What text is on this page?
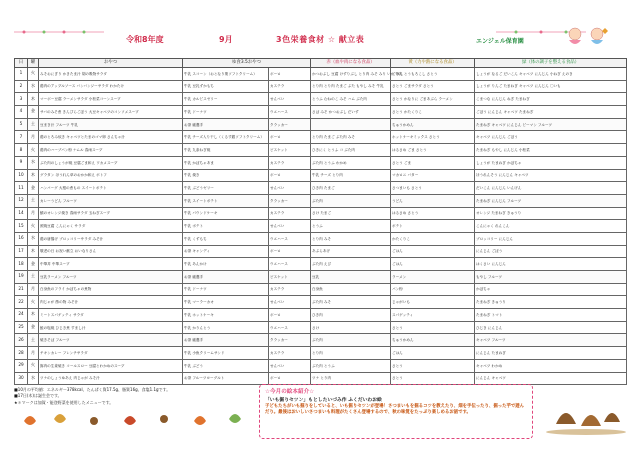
令和8年度	9月	3色栄養食材 ☆ 献立表	エンジェル保育園
日	曜	おやつ	ゆ食3.5おやつ		赤（血や肉になる食品）	黄（力や熱になる食品）	緑（体の調子を整える食品）
1	火	みそおにぎり かきたま汁 胡の吸物サラダ	牛乳 スコーン（おとなり菓ソフトクリーム）	ボーロ	かつおぶし 豆腐 けずりぶし とり肉 みそ みり いか 牛乳	ごはん とうもろこし さとう	しょうが なるご だいこん キャベツ にんじん 小ねぎ えのき
2	水	鶏肉のアップルソース バンバンジーサラダ わかたけ	牛乳 豆乳ずかもち	カステラ	とり肉 とり肉 たまご ぶた もやし みそ 牛乳	さとう ごまサラダ さとう	しょうが りんご たまねぎ キャベツ にんじん 〇いも
3	木	マーボー豆腐 ラーメンサラダ 小松菜コーンスープ	牛乳 カルピスゼリー	せんべい	とうふ むねのこ みそ ハム ぶた肉	さとう かなりに ごまあぶら ラーメン	こまつな にんじん ねぎ たまねぎ
4	金	サバのみそ煮 きんぴらごぼう 大豆キャベツのコンソメスープ	牛乳 ドーナツ	ウエハース	さば みそ かつおぶし だいず	さとう かたくりこ	ごぼう にんじん キャベツ たまねぎ
5	土	豆まき汁 フルーツ 牛乳	お茶 厳選手	クラッカー		ちゅうかめん	たまねぎ キャベツ にんじん ピーマン フルーツ
7	月	鶏のとろみ炊き キャベツとたまのゴマ卵 さんちゃ汁	牛乳 チーズ入り干し（くるす銀ソフトクリーム）	ボーロ	とり肉 たまご ぶた肉 みそ	ホットケーキミックス さとう	キャベツ にんじん ごぼう
8	火	鶏肉のハーブパン粉 ナムル 春雨スープ	牛乳 九条ねぎ焼	ビスケット	ひきにく とうふ コ ぶた肉	はるさめ ごま さとう	たまねぎ もやし にんじん 小松菜
9	水	ぶた肉のしょうが焼 豆腐ごま和え ワカメスープ	牛乳 かぼちゃあま	カステラ	ぶた肉 とうふ わかめ	さとう ごま	しょうが たまねぎ かぼちゃ
10	木	グラタン ほうれん草のおかか和え ポトフ	牛乳 焼き	ボーロ	牛乳 チーズ とり肉	マカロニ バター	ほうれんそう にんじん キャベツ
11	金	ハンバーグ 大根の煮もの スイートポテト	牛乳 ぶどうゼリー	せんべい	ひき肉 たまご	さつまいも さとう	だいこん にんじん いんげん
12	土	カレーうどん フルーツ	牛乳 スイートポテト	クラッカー	ぶた肉	うどん	たまねぎ にんじん フルーツ
14	月	鯖のオレンジ焼き 春雨サラダ 玉ねぎスープ	牛乳 パウンドケーキ	カステラ	さけ たまご	はるさめ さとう	オレンジ たまねぎ きゅうり
15	火	照焼豆腐 こんにゃく サラダ	牛乳 ポテト	せんべい	とうふ	ポテト	こんにゃく れんこん
16	水	鶏の唐揚げ ブロッコリーサラダ みそ汁	牛乳 くずもち	ウエハース	とり肉 みそ	かたくりこ	ブロッコリー にんじん
17	木	敬老の日 お祝い献立 おいなりさん	お茶 キャンディ	ボーロ	あぶらあげ	ごはん	にんじん ごぼう
18	金	中華丼 中華スープ	牛乳 あんかけ	ウエハース	ぶた肉 えび	ごはん	はくさい にんじん
19	土	豆乳ラーメン フルーツ	お茶 厳選手	ビスケット	豆乳	ラーメン	もやし フルーツ
21	月	白身魚のフライ かぼちゃの煮物	牛乳 ドーナツ	カステラ	白身魚	パン粉	かぼちゃ
22	火	肉じゃが 酢の物 みそ汁	牛乳 マーラーカオ	せんべい	ぶた肉 みそ	じゃがいも	たまねぎ きゅうり
24	木	ミートスパゲッティ サラダ	牛乳 ホットケーキ	ボーロ	ひき肉	スパゲッティ	たまねぎ トマト
25	金	鮭の塩焼 ひじき煮 すまし汁	牛乳 かりんとう	ウエハース	さけ	さとう	ひじき にんじん
26	土	焼きそば フルーツ	お茶 厳選手	クラッカー	ぶた肉	ちゅうかめん	キャベツ フルーツ
28	月	チキンカレー フレンチサラダ	牛乳 小魚クリームサンド	カステラ	とり肉	ごはん	にんじん たまねぎ
29	火	豚肉の生姜焼き コールスロー 豆腐とわかめのスープ	牛乳 ぶどう	せんべい	ぶた肉 とうふ	さとう	キャベツ わかめ
30	水	ツナのしょうゆあえ 肉じゃが みそ汁	お茶 フルーツヨーグルト	ボーロ	ツナ とり肉	さとう	にんじん キャベツ
■10月の平均値：エネルギー378kcal、たんぱく質17.5g、脂質16g、食塩1.1gです。
■17日(木)は誕生会です。
★＊マークは加賀・能登野菜を使用したメニューです。
☆今月の絵本紹介☆
「いも掘りセツン」もとしたいづみ作 ふくだいわお絵
子どもたちがいも掘りをしていると、いも掘りセツンが登場！さつまいもを掘るコツを教えたり、畑を手伝ったり、掘った芋で遊んだり。最後はおいしいさつまいも料理がたくさん登場するので、秋の味覚をたっぷり楽しめるお話です。
